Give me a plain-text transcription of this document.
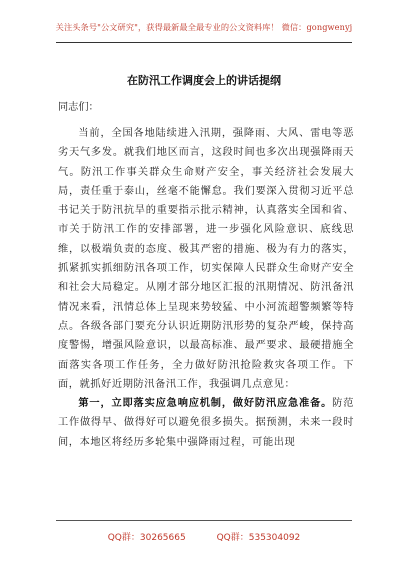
关注头条号"公文研究"，获得最新最全最专业的公文资料库！ 微信：gongwenyj
在防汛工作调度会上的讲话提纲
同志们：

当前，全国各地陆续进入汛期，强降雨、大风、雷电等恶劣天气多发。就我们地区而言，这段时间也多次出现强降雨天气。防汛工作事关群众生命财产安全，事关经济社会发展大局，责任重于泰山，丝毫不能懈怠。我们要深入贯彻习近平总书记关于防汛抗旱的重要指示批示精神，认真落实全国和省、市关于防汛工作的安排部署，进一步强化风险意识、底线思维，以极端负责的态度、极其严密的措施、极为有力的落实，抓紧抓实抓细防汛各项工作，切实保障人民群众生命财产安全和社会大局稳定。从刚才部分地区汇报的汛期情况、防汛备汛情况来看，汛情总体上呈现来势较猛、中小河流超警频繁等特点。各级各部门要充分认识近期防汛形势的复杂严峻，保持高度警惕，增强风险意识，以最高标准、最严要求、最硬措施全面落实各项工作任务，全力做好防汛抢险救灾各项工作。下面，就抓好近期防汛备汛工作，我强调几点意见：

第一，立即落实应急响应机制，做好防汛应急准备。防范工作做得早、做得好可以避免很多损失。据预测，未来一段时间，本地区将经历多轮集中强降雨过程，可能出现

QQ群：30265665	QQ群：535304092
